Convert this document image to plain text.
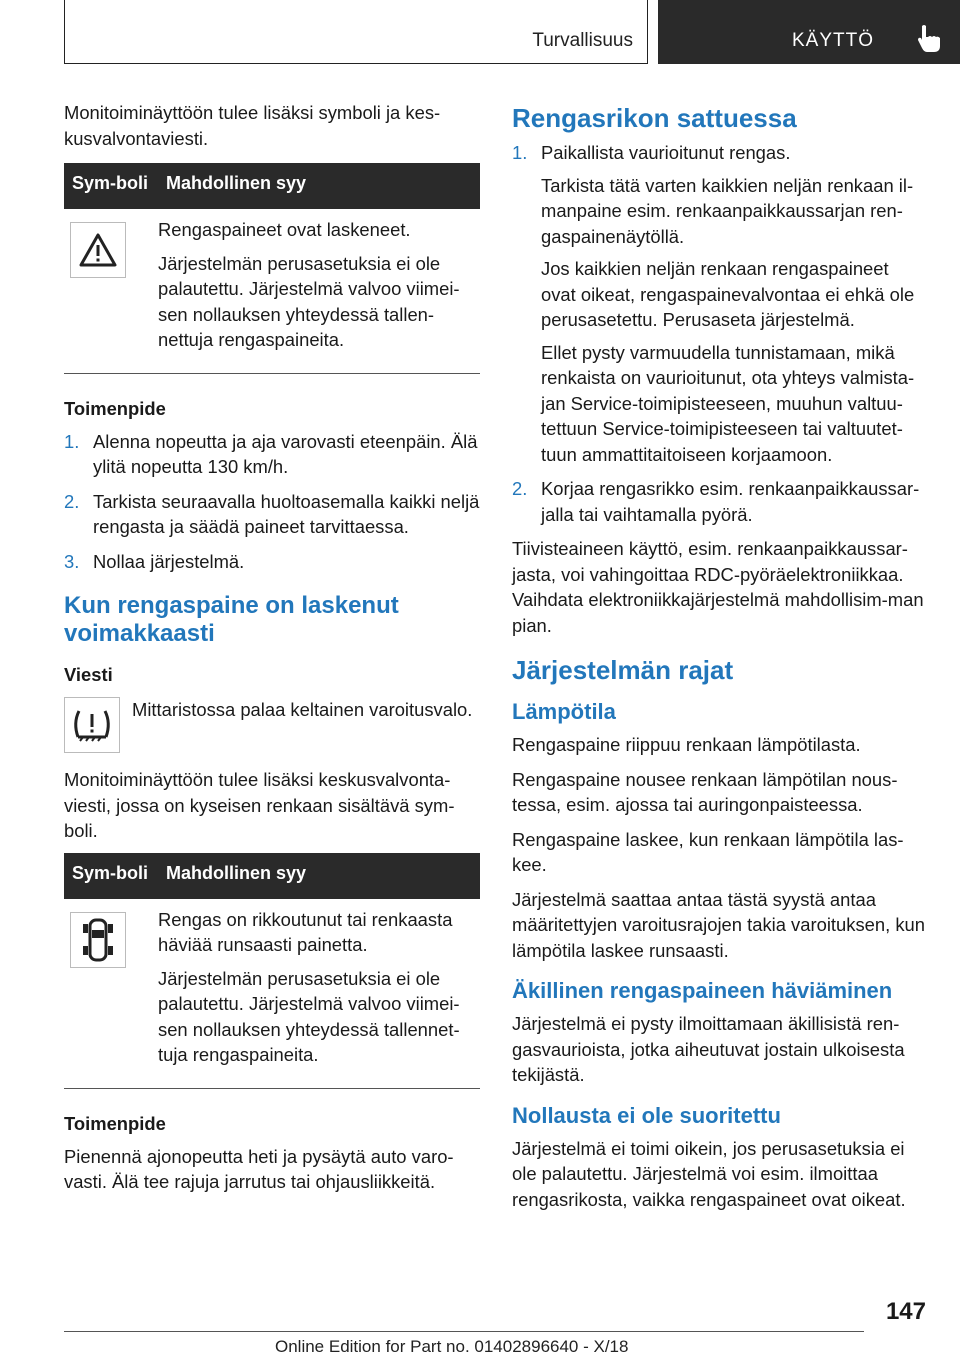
Turvallisuus	KÄYTTÖ

Monitoiminäyttöön tulee lisäksi symboli ja kes-kusvalvontaviesti.

Sym-boli	Mahdollinen syy

Rengaspaineet ovat laskeneet.

Järjestelmän perusasetuksia ei ole palautettu. Järjestelmä valvoo viimei-sen nollauksen yhteydessä tallen-nettuja rengaspaineita.

Toimenpide
1. Alenna nopeutta ja aja varovasti eteenpäin. Älä ylitä nopeutta 130 km/h.
2. Tarkista seuraavalla huoltoasemalla kaikki neljä rengasta ja säädä paineet tarvittaessa.
3. Nollaa järjestelmä.
Kun rengaspaine on laskenut voimakkaasti
Viesti

Mittaristossa palaa keltainen varoitusvalo.

Monitoiminäyttöön tulee lisäksi keskusvalvonta-viesti, jossa on kyseisen renkaan sisältävä sym-boli.

Sym-boli	Mahdollinen syy

Rengas on rikkoutunut tai renkaasta häviää runsaasti painetta.

Järjestelmän perusasetuksia ei ole palautettu. Järjestelmä valvoo viimei-sen nollauksen yhteydessä tallennet-tuja rengaspaineita.

Toimenpide

Pienennä ajonopeutta heti ja pysäytä auto varo-vasti. Älä tee rajuja jarrutus tai ohjausliikkeitä.

Rengasrikon sattuessa
1. Paikallista vaurioitunut rengas.

Tarkista tätä varten kaikkien neljän renkaan il-manpaine esim. renkaanpaikkaussarjan ren-gaspainenäytöllä.

Jos kaikkien neljän renkaan rengaspaineet ovat oikeat, rengaspainevalvontaa ei ehkä ole perusasetettu. Perusaseta järjestelmä.

Ellet pysty varmuudella tunnistamaan, mikä renkaista on vaurioitunut, ota yhteys valmista-jan Service-toimipisteeseen, muuhun valtuu-tettuun Service-toimipisteeseen tai valtuutet-tuun ammattitaitoiseen korjaamoon.

2. Korjaa rengasrikko esim. renkaanpaikkaussar-jalla tai vaihtamalla pyörä.

Tiivisteaineen käyttö, esim. renkaanpaikkaussar-jasta, voi vahingoittaa RDC-pyöräelektroniikkaa. Vaihdata elektroniikkajärjestelmä mahdollisim-man pian.

Järjestelmän rajat
Lämpötila

Rengaspaine riippuu renkaan lämpötilasta.

Rengaspaine nousee renkaan lämpötilan nous-tessa, esim. ajossa tai auringonpaisteessa.

Rengaspaine laskee, kun renkaan lämpötila las-kee.

Järjestelmä saattaa antaa tästä syystä antaa määritettyjen varoitusrajojen takia varoituksen, kun lämpötila laskee runsaasti.

Äkillinen rengaspaineen häviäminen

Järjestelmä ei pysty ilmoittamaan äkillisistä ren-gasvaurioista, jotka aiheutuvat jostain ulkoisesta tekijästä.

Nollausta ei ole suoritettu

Järjestelmä ei toimi oikein, jos perusasetuksia ei ole palautettu. Järjestelmä voi esim. ilmoittaa rengasrikosta, vaikka rengaspaineet ovat oikeat.

147
Online Edition for Part no. 01402896640 - X/18
